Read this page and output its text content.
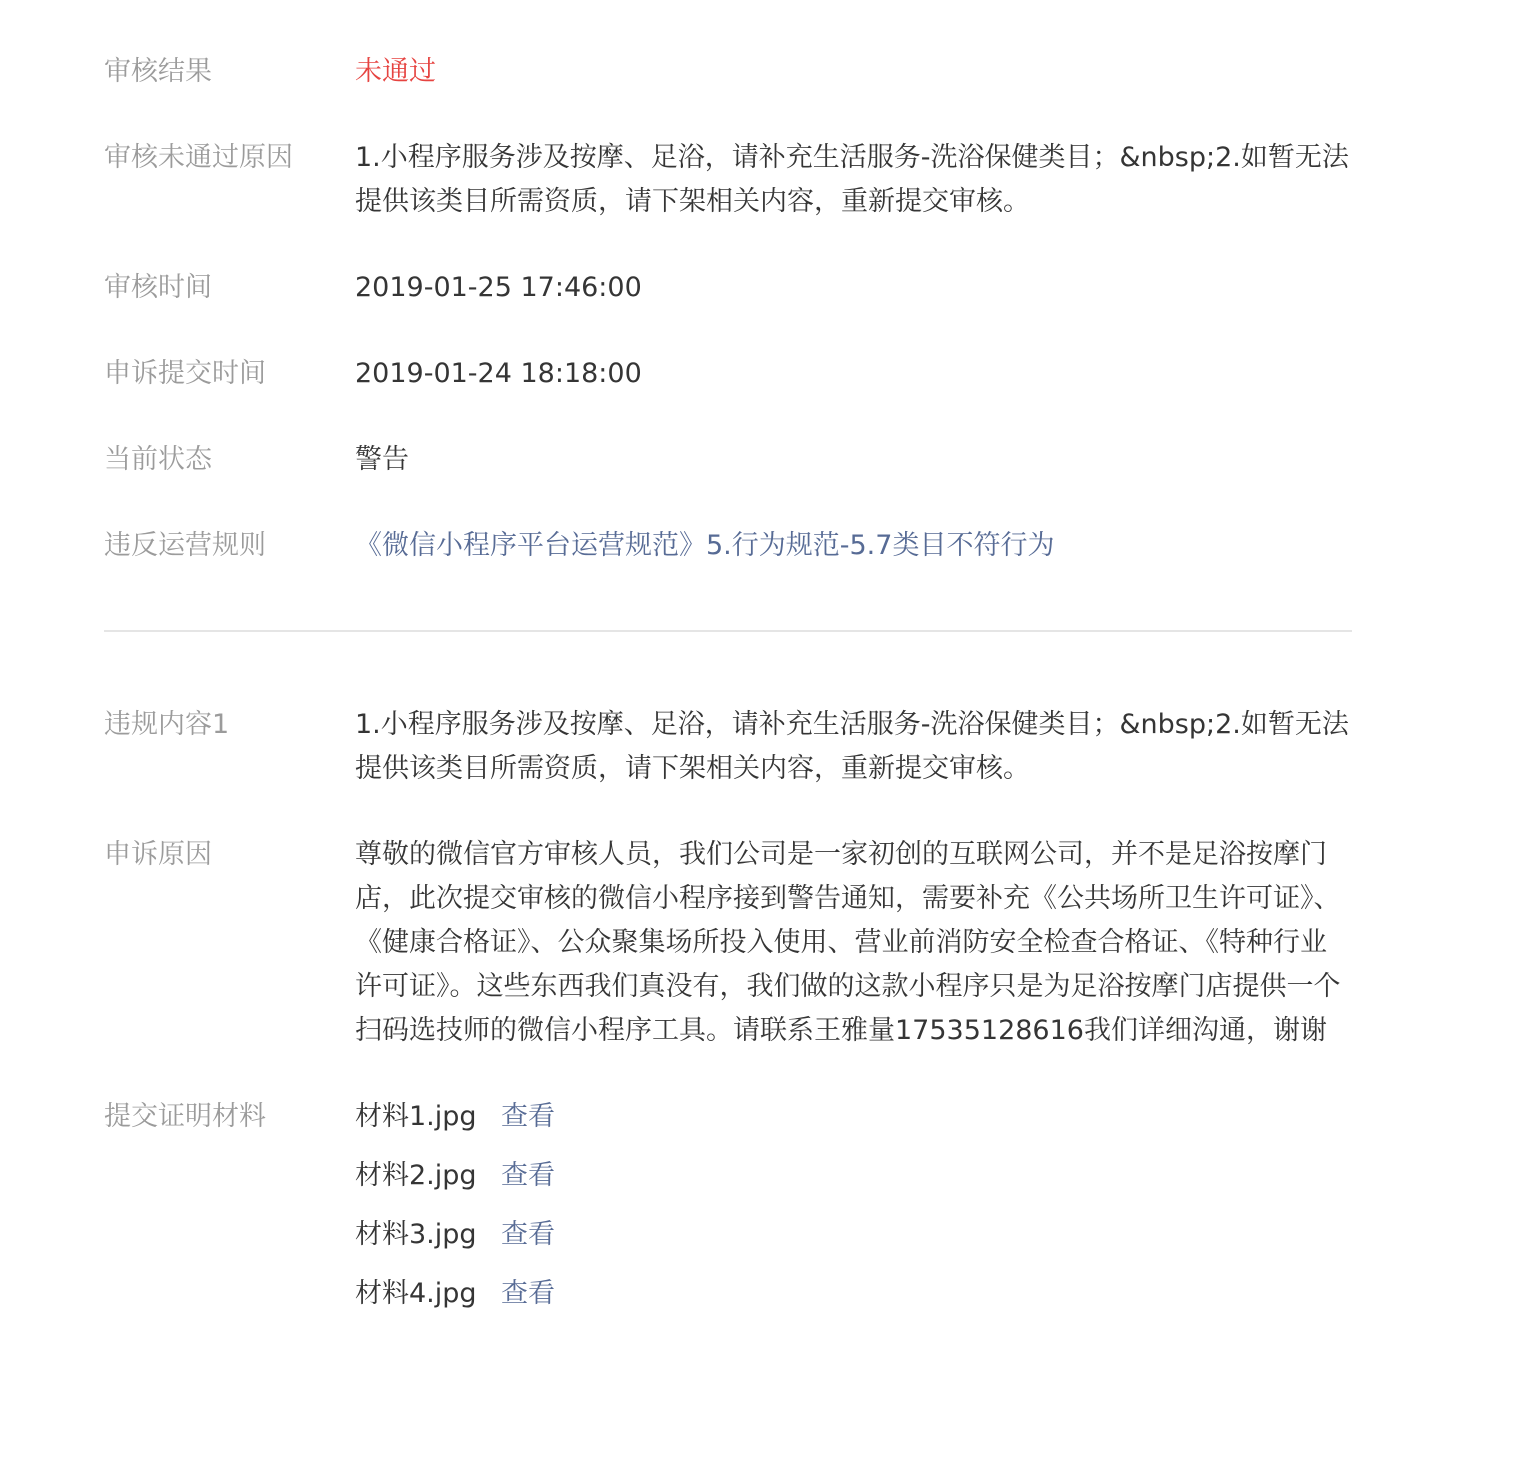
审核结果	未通过
审核未通过原因	1.小程序服务涉及按摩、足浴，请补充生活服务-洗浴保健类目；&nbsp;2.如暂无法提供该类目所需资质，请下架相关内容，重新提交审核。
审核时间	2019-01-25 17:46:00
申诉提交时间	2019-01-24 18:18:00
当前状态	警告
违反运营规则	《微信小程序平台运营规范》5.行为规范-5.7类目不符行为
违规内容1	1.小程序服务涉及按摩、足浴，请补充生活服务-洗浴保健类目；&nbsp;2.如暂无法提供该类目所需资质，请下架相关内容，重新提交审核。
申诉原因	尊敬的微信官方审核人员，我们公司是一家初创的互联网公司，并不是足浴按摩门店，此次提交审核的微信小程序接到警告通知，需要补充《公共场所卫生许可证》、《健康合格证》、公众聚集场所投入使用、营业前消防安全检查合格证、《特种行业许可证》。这些东西我们真没有，我们做的这款小程序只是为足浴按摩门店提供一个扫码选技师的微信小程序工具。请联系王雅量17535128616我们详细沟通，谢谢
提交证明材料	材料1.jpg 查看
材料2.jpg 查看
材料3.jpg 查看
材料4.jpg 查看
